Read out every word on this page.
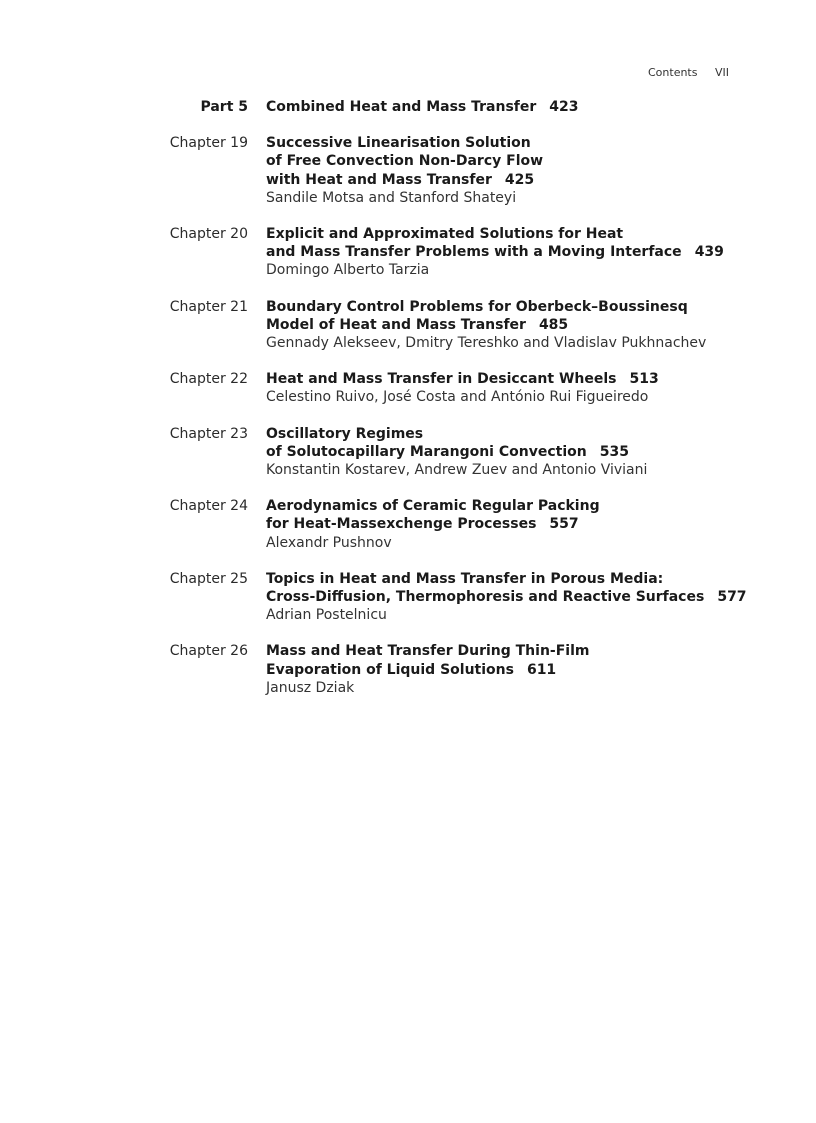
Contents VII
Part 5 Combined Heat and Mass Transfer 423
Chapter 19 Successive Linearisation Solution
of Free Convection Non-Darcy Flow
with Heat and Mass Transfer 425
Sandile Motsa and Stanford Shateyi
Chapter 20 Explicit and Approximated Solutions for Heat
and Mass Transfer Problems with a Moving Interface 439
Domingo Alberto Tarzia
Chapter 21 Boundary Control Problems for Oberbeck–Boussinesq
Model of Heat and Mass Transfer 485
Gennady Alekseev, Dmitry Tereshko and Vladislav Pukhnachev
Chapter 22 Heat and Mass Transfer in Desiccant Wheels 513
Celestino Ruivo, José Costa and António Rui Figueiredo
Chapter 23 Oscillatory Regimes
of Solutocapillary Marangoni Convection 535
Konstantin Kostarev, Andrew Zuev and Antonio Viviani
Chapter 24 Aerodynamics of Ceramic Regular Packing
for Heat-Massexchenge Processes 557
Alexandr Pushnov
Chapter 25 Topics in Heat and Mass Transfer in Porous Media:
Cross-Diffusion, Thermophoresis and Reactive Surfaces 577
Adrian Postelnicu
Chapter 26 Mass and Heat Transfer During Thin-Film
Evaporation of Liquid Solutions 611
Janusz Dziak
